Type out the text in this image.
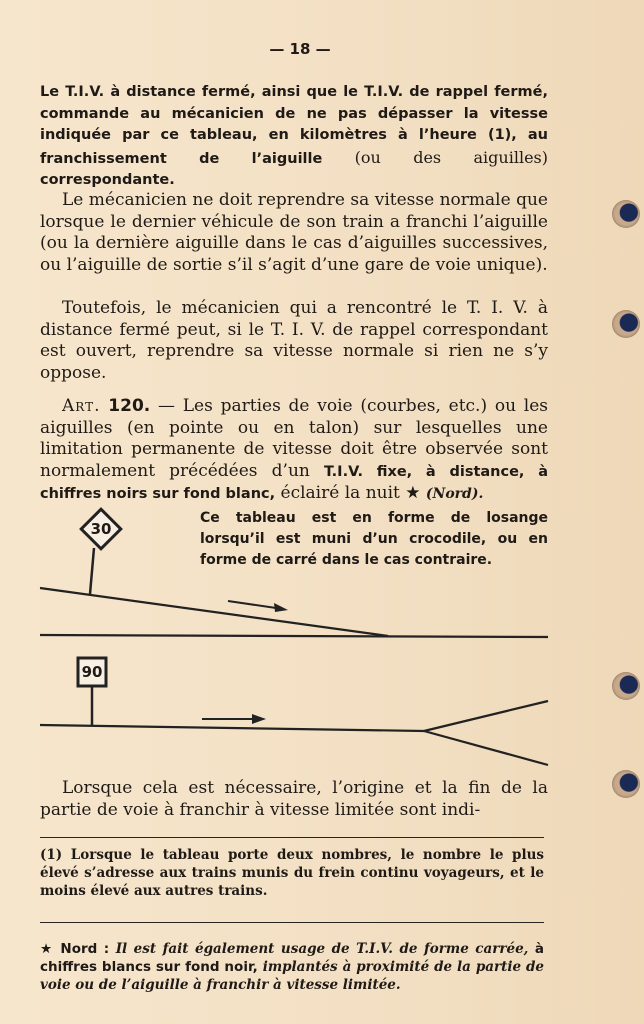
— 18 —
Le T.I.V. à distance fermé, ainsi que le T.I.V. de rappel fermé, commande au mécanicien de ne pas dépasser la vitesse indiquée par ce tableau, en kilomètres à l’heure (1), au franchissement de l’aiguille (ou des aiguilles) correspondante.
Le mécanicien ne doit reprendre sa vitesse normale que lorsque le dernier véhicule de son train a franchi l’aiguille (ou la dernière aiguille dans le cas d’aiguilles successives, ou l’aiguille de sortie s’il s’agit d’une gare de voie unique).
Toutefois, le mécanicien qui a rencontré le T. I. V. à distance fermé peut, si le T. I. V. de rappel correspondant est ouvert, reprendre sa vitesse normale si rien ne s’y oppose.
Art. 120. — Les parties de voie (courbes, etc.) ou les aiguilles (en pointe ou en talon) sur lesquelles une limitation permanente de vitesse doit être observée sont normalement précédées d’un T.I.V. fixe, à distance, à chiffres noirs sur fond blanc, éclairé la nuit ★ (Nord).
Ce tableau est en forme de losange lorsqu’il est muni d’un crocodile, ou en forme de carré dans le cas contraire.
30
90
Lorsque cela est nécessaire, l’origine et la fin de la partie de voie à franchir à vitesse limitée sont indi-
(1) Lorsque le tableau porte deux nombres, le nombre le plus élevé s’adresse aux trains munis du frein continu voyageurs, et le moins élevé aux autres trains.
★ Nord : Il est fait également usage de T.I.V. de forme carrée, à chiffres blancs sur fond noir, implantés à proximité de la partie de voie ou de l’aiguille à franchir à vitesse limitée.
